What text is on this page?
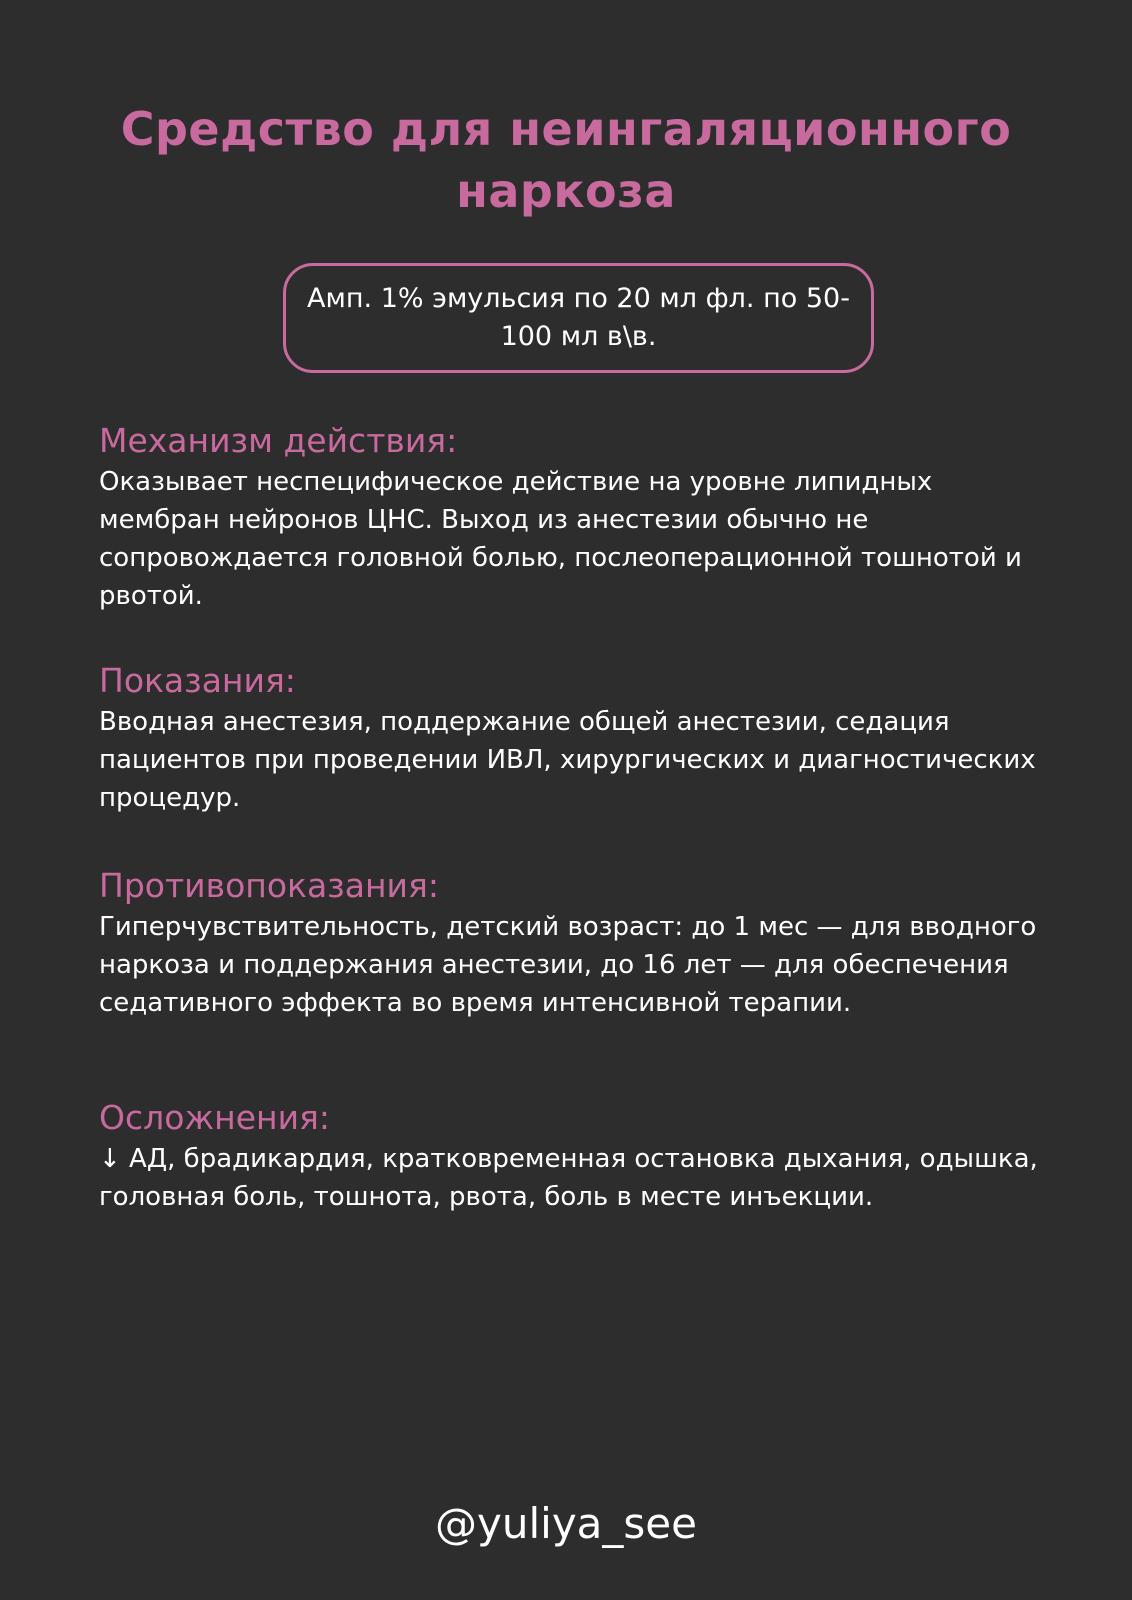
Средство для неингаляционного наркоза
Амп. 1% эмульсия по 20 мл фл. по 50-100 мл в\в.
Механизм действия:

Оказывает неспецифическое действие на уровне липидных мембран нейронов ЦНС. Выход из анестезии обычно не сопровождается головной болью, послеоперационной тошнотой и рвотой.

Показания:

Вводная анестезия, поддержание общей анестезии, седация пациентов при проведении ИВЛ, хирургических и диагностических процедур.

Противопоказания:

Гиперчувствительность, детский возраст: до 1 мес — для вводного наркоза и поддержания анестезии, до 16 лет — для обеспечения седативного эффекта во время интенсивной терапии.

Осложнения:

↓ АД, брадикардия, кратковременная остановка дыхания, одышка, головная боль, тошнота, рвота, боль в месте инъекции.

@yuliya_see
